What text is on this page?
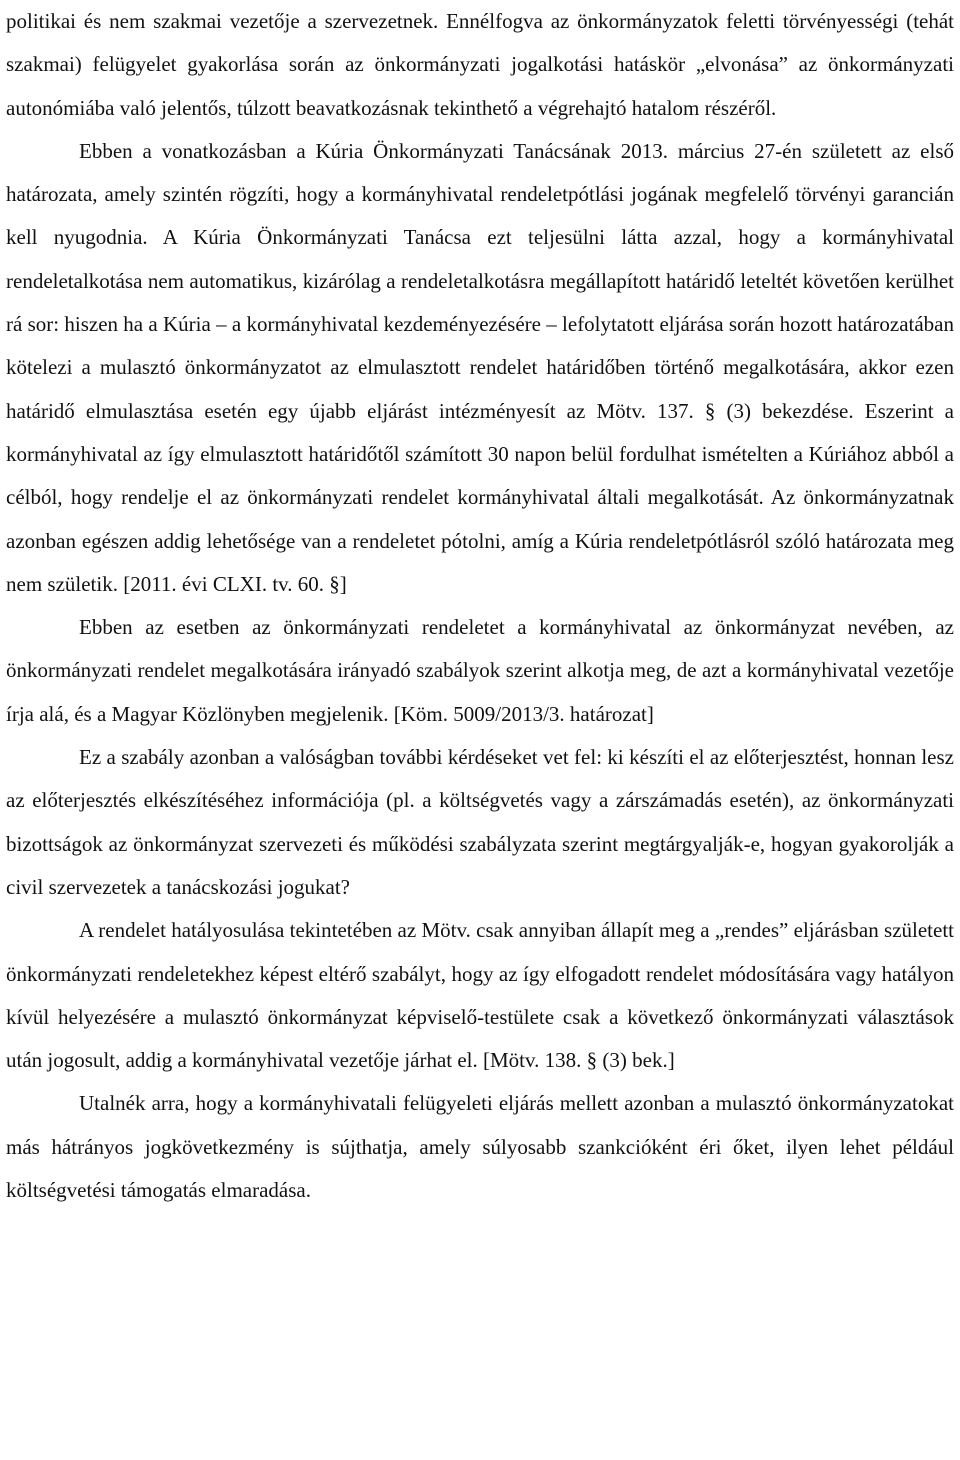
politikai és nem szakmai vezetője a szervezetnek. Ennélfogva az önkormányzatok feletti törvényességi (tehát szakmai) felügyelet gyakorlása során az önkormányzati jogalkotási hatáskör „elvonása” az önkormányzati autonómiába való jelentős, túlzott beavatkozásnak tekinthető a végrehajtó hatalom részéről.

Ebben a vonatkozásban a Kúria Önkormányzati Tanácsának 2013. március 27-én született az első határozata, amely szintén rögzíti, hogy a kormányhivatal rendeletpótlási jogának megfelelő törvényi garancián kell nyugodnia. A Kúria Önkormányzati Tanácsa ezt teljesülni látta azzal, hogy a kormányhivatal rendeletalkotása nem automatikus, kizárólag a rendeletalkotásra megállapított határidő leteltét követően kerülhet rá sor: hiszen ha a Kúria – a kormányhivatal kezdeményezésére – lefolytatott eljárása során hozott határozatában kötelezi a mulasztó önkormányzatot az elmulasztott rendelet határidőben történő megalkotására, akkor ezen határidő elmulasztása esetén egy újabb eljárást intézményesít az Mötv. 137. § (3) bekezdése. Eszerint a kormányhivatal az így elmulasztott határidőtől számított 30 napon belül fordulhat ismételten a Kúriához abból a célból, hogy rendelje el az önkormányzati rendelet kormányhivatal általi megalkotását. Az önkormányzatnak azonban egészen addig lehetősége van a rendeletet pótolni, amíg a Kúria rendeletpótlásról szóló határozata meg nem születik. [2011. évi CLXI. tv. 60. §]

Ebben az esetben az önkormányzati rendeletet a kormányhivatal az önkormányzat nevében, az önkormányzati rendelet megalkotására irányadó szabályok szerint alkotja meg, de azt a kormányhivatal vezetője írja alá, és a Magyar Közlönyben megjelenik. [Köm. 5009/2013/3. határozat]

Ez a szabály azonban a valóságban további kérdéseket vet fel: ki készíti el az előterjesztést, honnan lesz az előterjesztés elkészítéséhez információja (pl. a költségvetés vagy a zárszámadás esetén), az önkormányzati bizottságok az önkormányzat szervezeti és működési szabályzata szerint megtárgyalják-e, hogyan gyakorolják a civil szervezetek a tanácskozási jogukat?

A rendelet hatályosulása tekintetében az Mötv. csak annyiban állapít meg a „rendes” eljárásban született önkormányzati rendeletekhez képest eltérő szabályt, hogy az így elfogadott rendelet módosítására vagy hatályon kívül helyezésére a mulasztó önkormányzat képviselő-testülete csak a következő önkormányzati választások után jogosult, addig a kormányhivatal vezetője járhat el. [Mötv. 138. § (3) bek.]

Utalnék arra, hogy a kormányhivatali felügyeleti eljárás mellett azonban a mulasztó önkormányzatokat más hátrányos jogkövetkezmény is sújthatja, amely súlyosabb szankcióként éri őket, ilyen lehet például költségvetési támogatás elmaradása.
